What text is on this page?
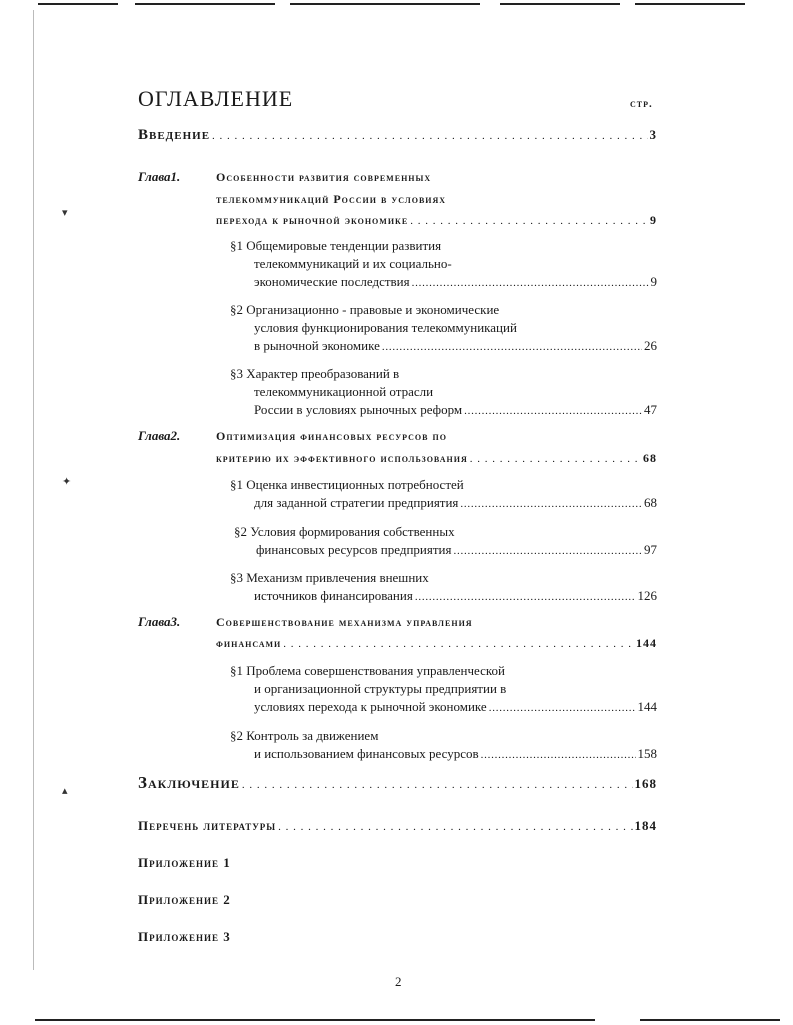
▾
✦
▴
ОГЛАВЛЕНИЕ	стр.
Введение . . .	3
Глава1.	Особенности развития современных
телекоммуникаций России в условиях
перехода к рыночной экономике . . .	9
§1 Общемировые тенденции развития
телекоммуникаций и их социально-
экономические последствия . . .	9
§2 Организационно - правовые и экономические
условия функционирования телекоммуникаций
в рыночной экономике . . .	26
§3 Характер преобразований в
телекоммуникационной отрасли
России в условиях рыночных реформ . . .	47
Глава2.	Оптимизация финансовых ресурсов по
критерию их эффективного использования . . .	68
§1 Оценка инвестиционных потребностей
для заданной стратегии предприятия . . .	68
§2 Условия формирования собственных
финансовых ресурсов предприятия . . .	97
§3 Механизм привлечения внешних
источников финансирования . . .	126
Глава3.	Совершенствование механизма управления
финансами . . .	144
§1 Проблема совершенствования управленческой
и организационной структуры предприятии в
условиях перехода к рыночной экономике . . .	144
§2 Контроль за движением
и использованием финансовых ресурсов . . .	158
Заключение . . .	168
Перечень литературы . . .	184
Приложение 1
Приложение 2
Приложение 3
2
